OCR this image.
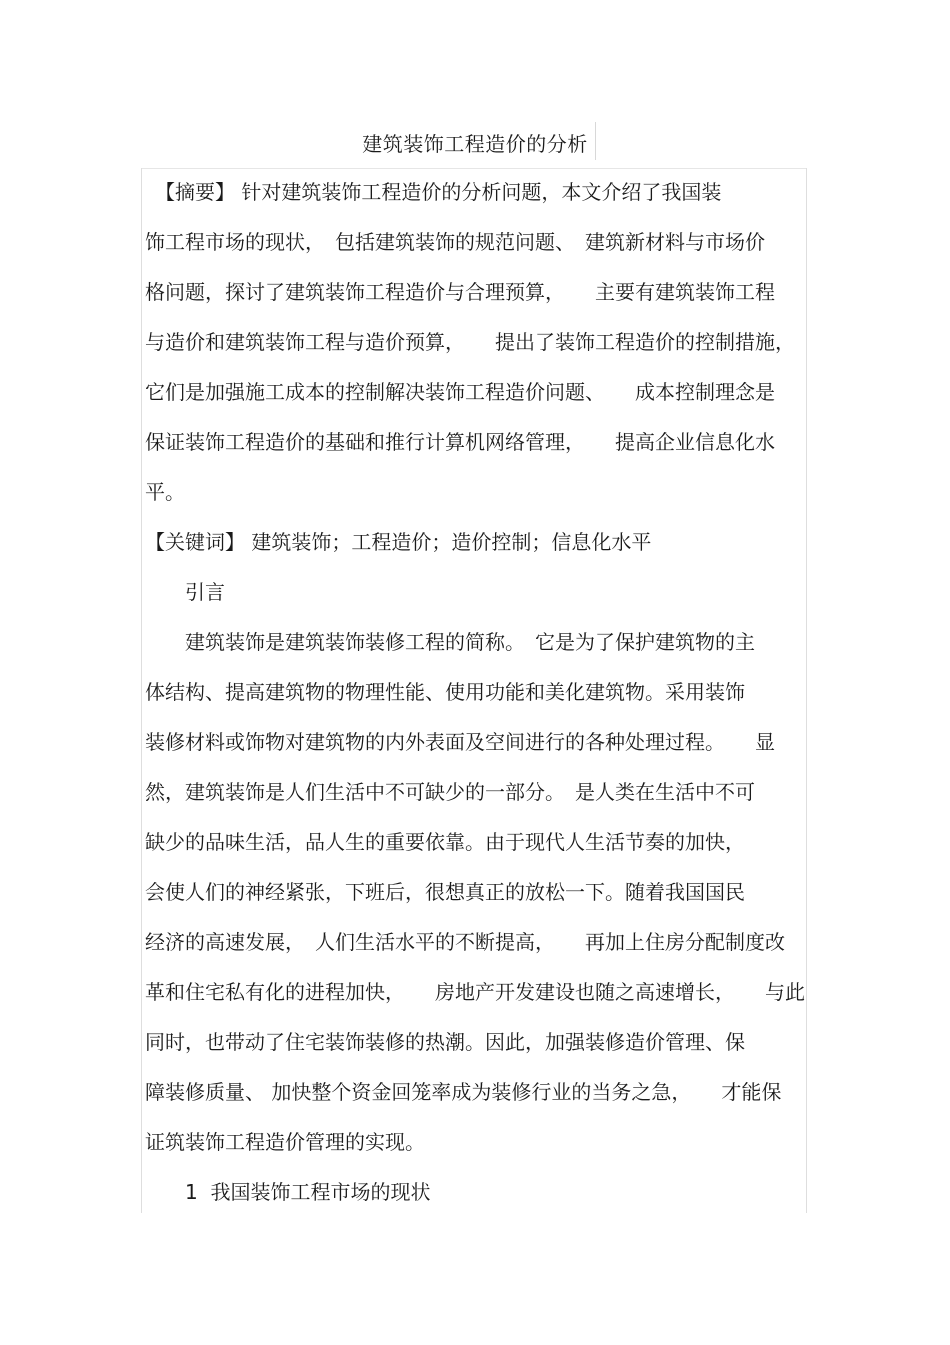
建筑装饰工程造价的分析
　【摘要】 针对建筑装饰工程造价的分析问题，本文介绍了我国装
饰工程市场的现状，　包括建筑装饰的规范问题、　建筑新材料与市场价
格问题，探讨了建筑装饰工程造价与合理预算，　　主要有建筑装饰工程
与造价和建筑装饰工程与造价预算，　　提出了装饰工程造价的控制措施，
它们是加强施工成本的控制解决装饰工程造价问题、　　成本控制理念是
保证装饰工程造价的基础和推行计算机网络管理，　　提高企业信息化水
平。
【关键词】 建筑装饰；工程造价；造价控制；信息化水平
　　引言
　　建筑装饰是建筑装饰装修工程的简称。　它是为了保护建筑物的主
体结构、提高建筑物的物理性能、使用功能和美化建筑物。采用装饰
装修材料或饰物对建筑物的内外表面及空间进行的各种处理过程。　　显
然，建筑装饰是人们生活中不可缺少的一部分。　是人类在生活中不可
缺少的品味生活，品人生的重要依靠。由于现代人生活节奏的加快，
会使人们的神经紧张，下班后，很想真正的放松一下。随着我国国民
经济的高速发展，　人们生活水平的不断提高，　　再加上住房分配制度改
革和住宅私有化的进程加快，　　房地产开发建设也随之高速增长，　　与此
同时，也带动了住宅装饰装修的热潮。因此，加强装修造价管理、保
障装修质量、 加快整个资金回笼率成为装修行业的当务之急，　　才能保
证筑装饰工程造价管理的实现。
　　1  我国装饰工程市场的现状
